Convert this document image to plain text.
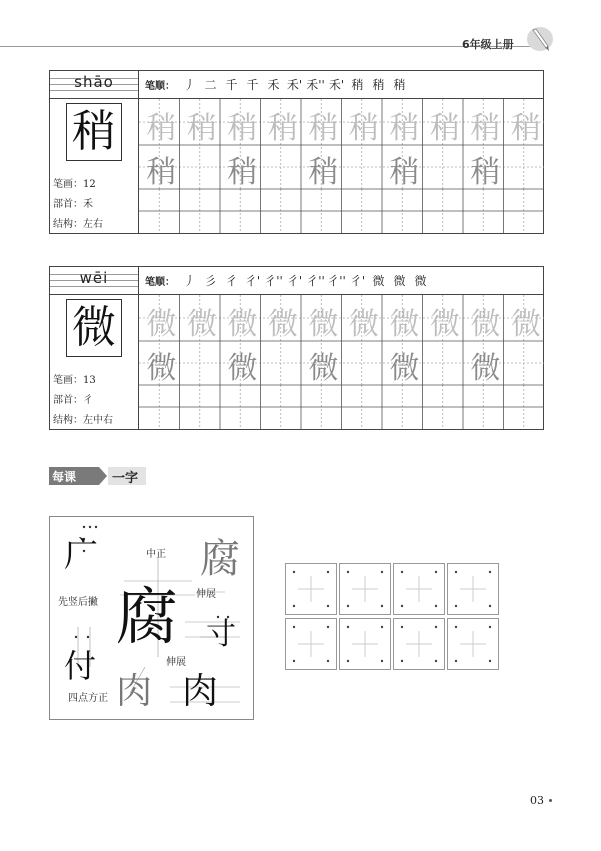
6年级上册
shāo	笔顺： 丿 二 千 千 禾 禾' 禾'' 禾' 稍 稍 稍
稍
笔画：12
部首：禾
结构：左右
稍 稍 稍 稍 稍 稍 稍 稍 稍 稍
稍 稍 稍 稍 稍
wēi	笔顺： 丿 彡 彳 彳' 彳'' 彳' 彳'' 彳'' 彳' 微 微 微
微
笔画：13
部首：彳
结构：左中右
微 微 微 微 微 微 微 微 微 微
微 微 微 微 微
每课	一字
广	中正 腐
先竖后撇
伸展
腐 寸
付	伸展
肉 肉
四点方正
03
